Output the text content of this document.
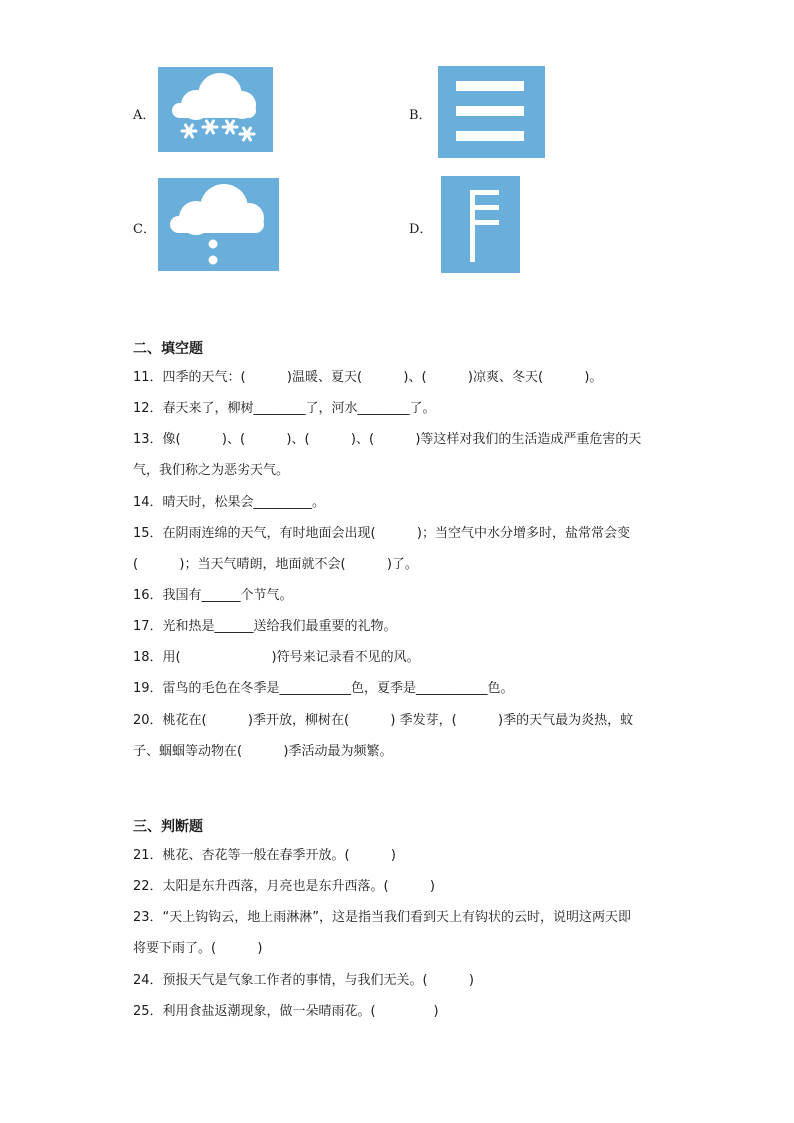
A．	B．
C．	D．
二、填空题
11．四季的天气：(          )温暖、夏天(          )、(          )凉爽、冬天(          )。
12．春天来了，柳树________了，河水________了。
13．像(          )、(          )、(          )、(          )等这样对我们的生活造成严重危害的天
气，我们称之为恶劣天气。
14．晴天时，松果会_________。
15．在阴雨连绵的天气，有时地面会出现(          )；当空气中水分增多时，盐常常会变
(          )；当天气晴朗，地面就不会(          )了。
16．我国有______个节气。
17．光和热是______送给我们最重要的礼物。
18．用(                      )符号来记录看不见的风。
19．雷鸟的毛色在冬季是___________色，夏季是___________色。
20．桃花在(          )季开放，柳树在(          ) 季发芽，(          )季的天气最为炎热，蚊
子、蝈蝈等动物在(          )季活动最为频繁。
三、判断题
21．桃花、杏花等一般在春季开放。(          )
22．太阳是东升西落，月亮也是东升西落。(          )
23．“天上钩钩云，地上雨淋淋”，这是指当我们看到天上有钩状的云时，说明这两天即
将要下雨了。(          )
24．预报天气是气象工作者的事情，与我们无关。(          )
25．利用食盐返潮现象，做一朵晴雨花。(              )
